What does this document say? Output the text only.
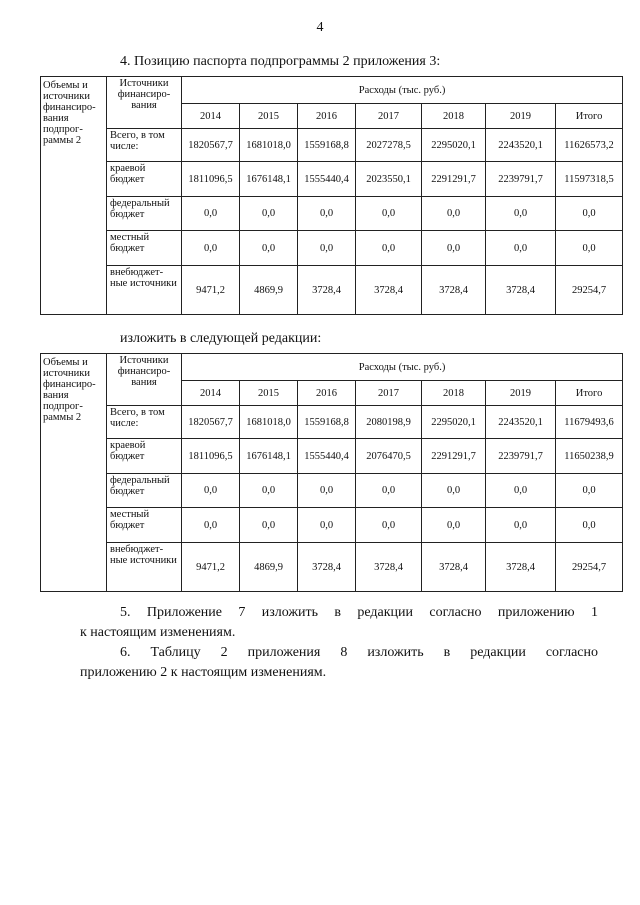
4
4. Позицию паспорта подпрограммы 2 приложения 3:
Объемы и источники финансиро-вания подпрог-раммы 2	Источники финансиро-вания	Расходы (тыс. руб.)						
		2014	2015	2016	2017	2018	2019	Итого
	Всего, в том числе:	1820567,7	1681018,0	1559168,8	2027278,5	2295020,1	2243520,1	11626573,2
	краевой бюджет	1811096,5	1676148,1	1555440,4	2023550,1	2291291,7	2239791,7	11597318,5
	федеральный бюджет	0,0	0,0	0,0	0,0	0,0	0,0	0,0
	местный бюджет	0,0	0,0	0,0	0,0	0,0	0,0	0,0
	внебюджет-ные источники	9471,2	4869,9	3728,4	3728,4	3728,4	3728,4	29254,7
изложить в следующей редакции:
Объемы и источники финансиро-вания подпрог-раммы 2	Источники финансиро-вания	Расходы (тыс. руб.)						
		2014	2015	2016	2017	2018	2019	Итого
	Всего, в том числе:	1820567,7	1681018,0	1559168,8	2080198,9	2295020,1	2243520,1	11679493,6
	краевой бюджет	1811096,5	1676148,1	1555440,4	2076470,5	2291291,7	2239791,7	11650238,9
	федеральный бюджет	0,0	0,0	0,0	0,0	0,0	0,0	0,0
	местный бюджет	0,0	0,0	0,0	0,0	0,0	0,0	0,0
	внебюджет-ные источники	9471,2	4869,9	3728,4	3728,4	3728,4	3728,4	29254,7
5. Приложение 7 изложить в редакции согласно приложению 1
к настоящим изменениям.
6. Таблицу 2 приложения 8 изложить в редакции согласно
приложению 2 к настоящим изменениям.
